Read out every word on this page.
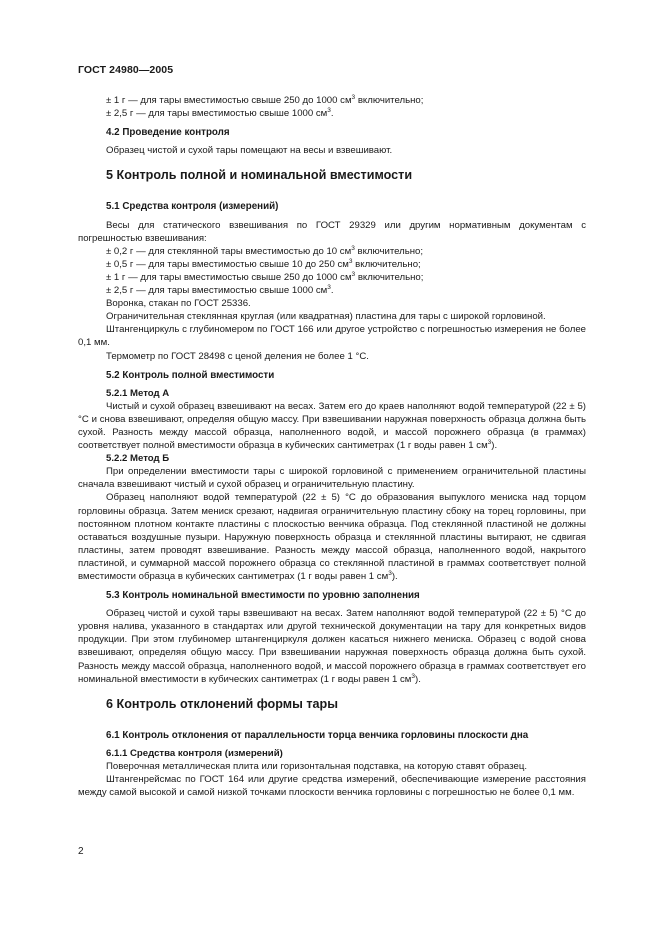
ГОСТ 24980—2005

± 1 г — для тары вместимостью свыше 250 до 1000 $см^3$ включительно;

± 2,5 г — для тары вместимостью свыше 1000 $см^3$.

4.2 Проведение контроля

Образец чистой и сухой тары помещают на весы и взвешивают.

5 Контроль полной и номинальной вместимости

5.1 Средства контроля (измерений)

Весы для статического взвешивания по ГОСТ 29329 или другим нормативным документам с погрешностью взвешивания:

± 0,2 г — для стеклянной тары вместимостью до 10 $см^3$ включительно;

± 0,5 г — для тары вместимостью свыше 10 до 250 $см^3$ включительно;

± 1 г — для тары вместимостью свыше 250 до 1000 $см^3$ включительно;

± 2,5 г — для тары вместимостью свыше 1000 $см^3$.

Воронка, стакан по ГОСТ 25336.

Ограничительная стеклянная круглая (или квадратная) пластина для тары с широкой горловиной.

Штангенциркуль с глубиномером по ГОСТ 166 или другое устройство с погрешностью измерения не более 0,1 мм.

Термометр по ГОСТ 28498 с ценой деления не более 1 °С.

5.2 Контроль полной вместимости

5.2.1 Метод А

Чистый и сухой образец взвешивают на весах. Затем его до краев наполняют водой температурой (22 ± 5) °С и снова взвешивают, определяя общую массу. При взвешивании наружная поверхность образца должна быть сухой. Разность между массой образца, наполненного водой, и массой порожнего образца (в граммах) соответствует полной вместимости образца в кубических сантиметрах (1 г воды равен 1 $см^3$).

5.2.2 Метод Б

При определении вместимости тары с широкой горловиной с применением ограничительной пластины сначала взвешивают чистый и сухой образец и ограничительную пластину.

Образец наполняют водой температурой (22 ± 5) °С до образования выпуклого мениска над торцом горловины образца. Затем мениск срезают, надвигая ограничительную пластину сбоку на торец горловины, при постоянном плотном контакте пластины с плоскостью венчика образца. Под стеклянной пластиной не должны оставаться воздушные пузыри. Наружную поверхность образца и стеклянной пластины вытирают, не сдвигая пластины, затем проводят взвешивание. Разность между массой образца, наполненного водой, накрытого пластиной, и суммарной массой порожнего образца со стеклянной пластиной в граммах соответствует полной вместимости образца в кубических сантиметрах (1 г воды равен 1 $см^3$).

5.3 Контроль номинальной вместимости по уровню заполнения

Образец чистой и сухой тары взвешивают на весах. Затем наполняют водой температурой (22 ± 5) °С до уровня налива, указанного в стандартах или другой технической документации на тару для конкретных видов продукции. При этом глубиномер штангенциркуля должен касаться нижнего мениска. Образец с водой снова взвешивают, определяя общую массу. При взвешивании наружная поверхность образца должна быть сухой. Разность между массой образца, наполненного водой, и массой порожнего образца в граммах соответствует его номинальной вместимости в кубических сантиметрах (1 г воды равен 1 $см^3$).

6 Контроль отклонений формы тары

6.1 Контроль отклонения от параллельности торца венчика горловины плоскости дна

6.1.1 Средства контроля (измерений)

Поверочная металлическая плита или горизонтальная подставка, на которую ставят образец.

Штангенрейсмас по ГОСТ 164 или другие средства измерений, обеспечивающие измерение расстояния между самой высокой и самой низкой точками плоскости венчика горловины с погрешностью не более 0,1 мм.

2
